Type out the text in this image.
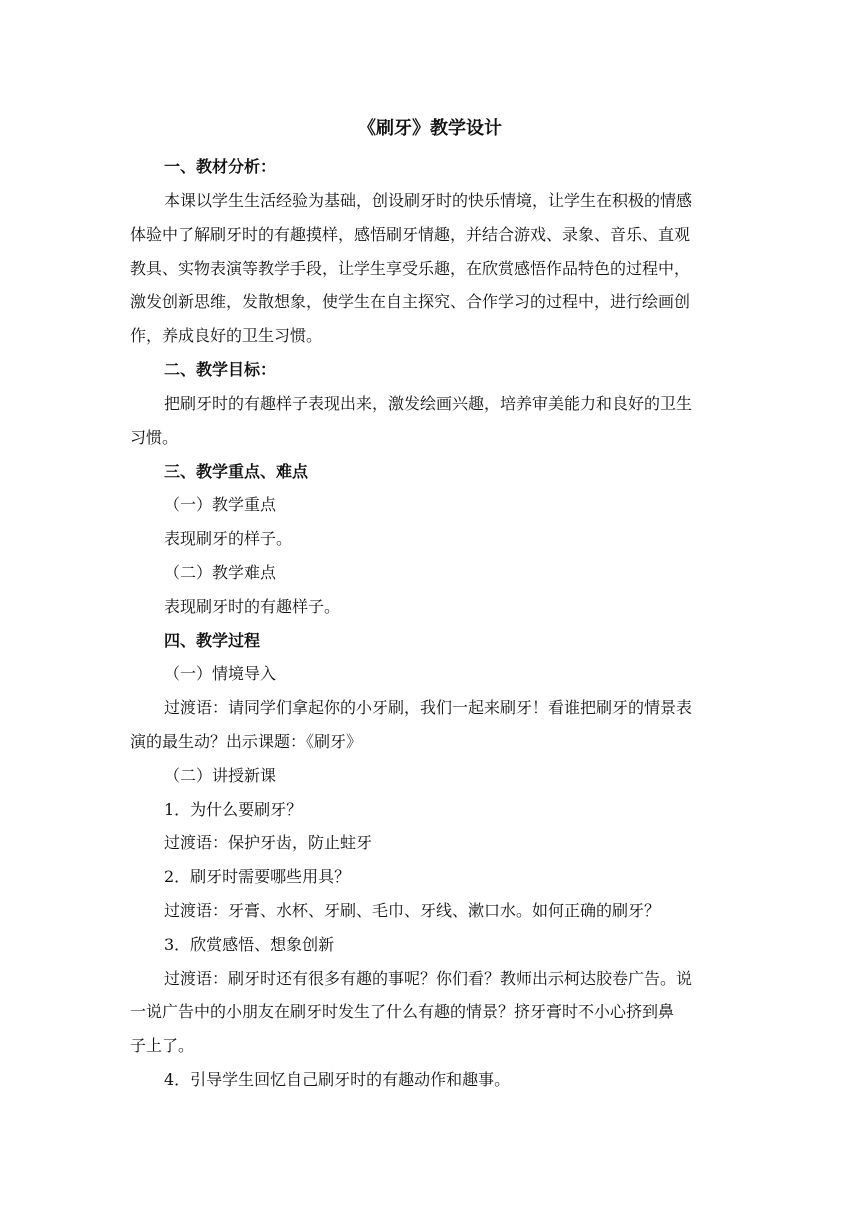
《刷牙》教学设计
一、教材分析：
本课以学生生活经验为基础，创设刷牙时的快乐情境，让学生在积极的情感
体验中了解刷牙时的有趣摸样，感悟刷牙情趣，并结合游戏、录象、音乐、直观
教具、实物表演等教学手段，让学生享受乐趣，在欣赏感悟作品特色的过程中，
激发创新思维，发散想象，使学生在自主探究、合作学习的过程中，进行绘画创
作，养成良好的卫生习惯。
二、教学目标：
把刷牙时的有趣样子表现出来，激发绘画兴趣，培养审美能力和良好的卫生
习惯。
三、教学重点、难点
（一）教学重点
表现刷牙的样子。
（二）教学难点
表现刷牙时的有趣样子。
四、教学过程
（一）情境导入
过渡语：请同学们拿起你的小牙刷，我们一起来刷牙！看谁把刷牙的情景表
演的最生动？出示课题：《刷牙》
（二）讲授新课
1．为什么要刷牙？
过渡语：保护牙齿，防止蛀牙
2．刷牙时需要哪些用具？
过渡语：牙膏、水杯、牙刷、毛巾、牙线、漱口水。如何正确的刷牙？
3．欣赏感悟、想象创新
过渡语：刷牙时还有很多有趣的事呢？你们看？教师出示柯达胶卷广告。说
一说广告中的小朋友在刷牙时发生了什么有趣的情景？挤牙膏时不小心挤到鼻
子上了。
4．引导学生回忆自己刷牙时的有趣动作和趣事。
